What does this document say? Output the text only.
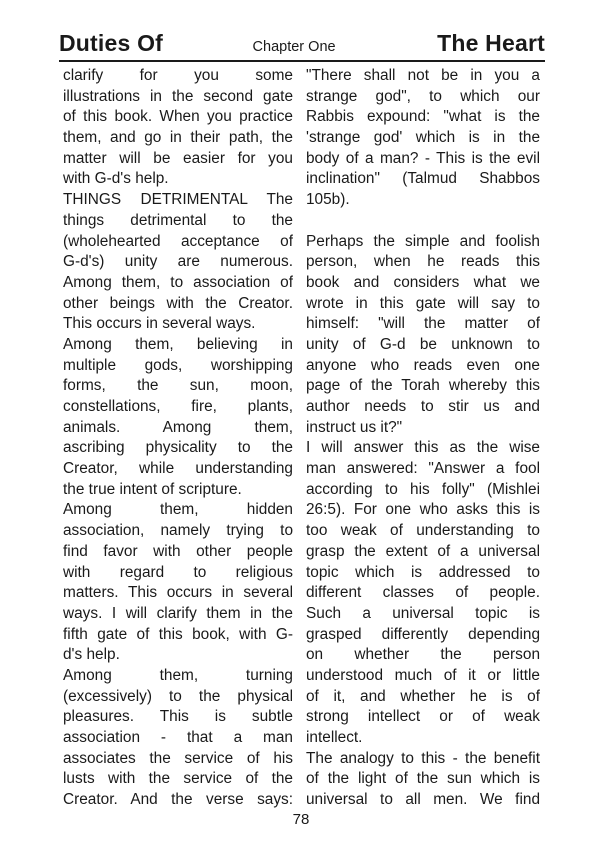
Duties Of	Chapter One	The Heart
clarify for you some
illustrations in the second gate
of this book. When you practice
them, and go in their path, the
matter will be easier for you
with G-d's help.
THINGS DETRIMENTAL The
things detrimental to the
(wholehearted acceptance of
G-d's) unity are numerous.
Among them, to association of
other beings with the Creator.
This occurs in several ways.
Among them, believing in
multiple gods, worshipping
forms, the sun, moon,
constellations, fire, plants,
animals. Among them,
ascribing physicality to the
Creator, while understanding
the true intent of scripture.
Among them, hidden
association, namely trying to
find favor with other people
with regard to religious
matters. This occurs in several
ways. I will clarify them in the
fifth gate of this book, with G-
d's help.
Among them, turning
(excessively) to the physical
pleasures. This is subtle
association - that a man
associates the service of his
lusts with the service of the
Creator. And the verse says:
"There shall not be in you a
strange god", to which our
Rabbis expound: "what is the
'strange god' which is in the
body of a man? - This is the evil
inclination" (Talmud Shabbos
105b).
Perhaps the simple and foolish
person, when he reads this
book and considers what we
wrote in this gate will say to
himself: "will the matter of
unity of G-d be unknown to
anyone who reads even one
page of the Torah whereby this
author needs to stir us and
instruct us it?"
I will answer this as the wise
man answered: "Answer a fool
according to his folly" (Mishlei
26:5). For one who asks this is
too weak of understanding to
grasp the extent of a universal
topic which is addressed to
different classes of people.
Such a universal topic is
grasped differently depending
on whether the person
understood much of it or little
of it, and whether he is of
strong intellect or of weak
intellect.
The analogy to this - the benefit
of the light of the sun which is
universal to all men. We find
78
